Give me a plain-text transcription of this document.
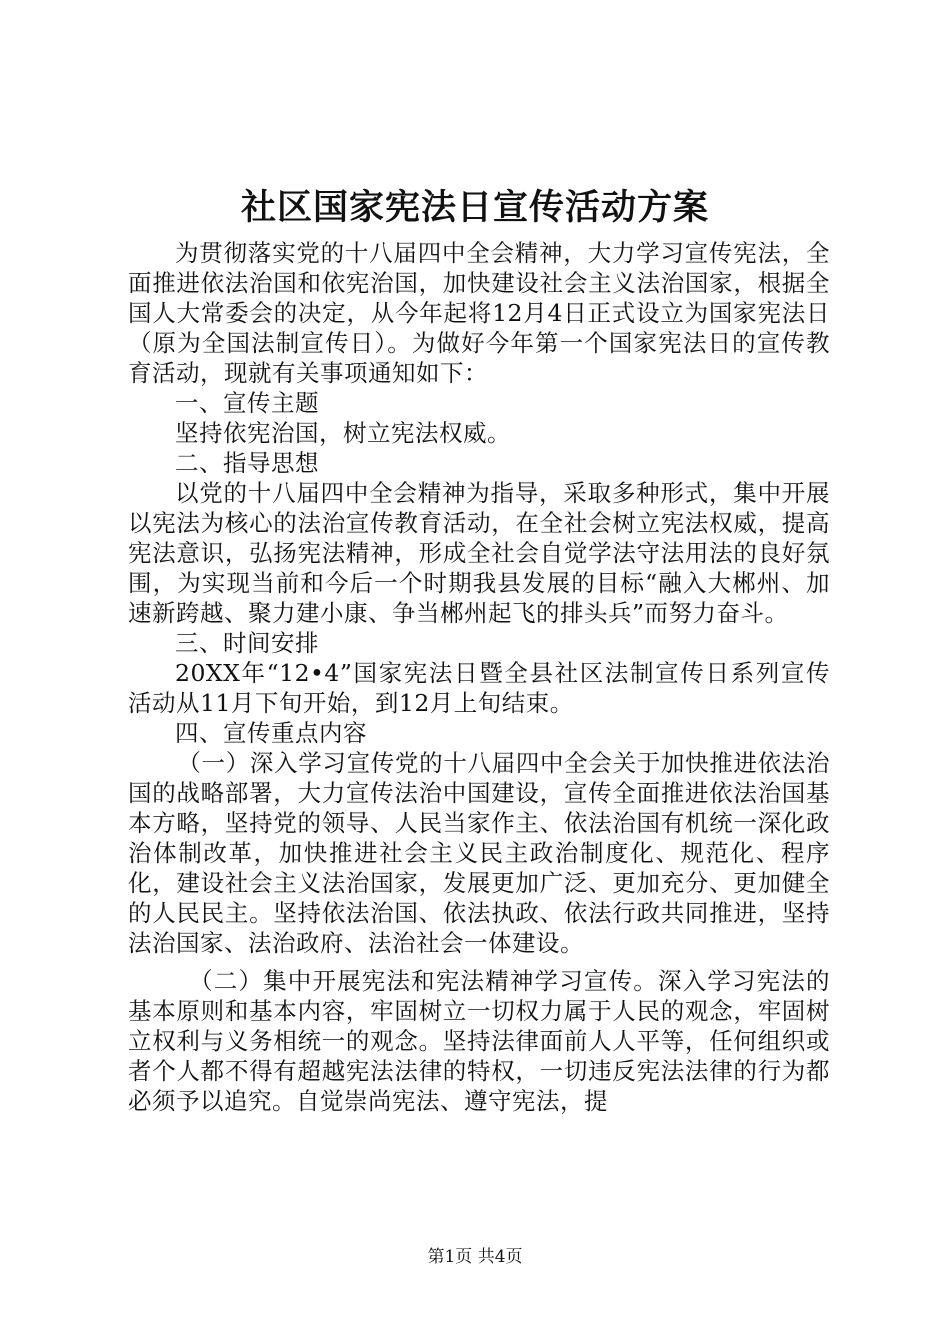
社区国家宪法日宣传活动方案

为贯彻落实党的十八届四中全会精神，大力学习宣传宪法，全面推进依法治国和依宪治国，加快建设社会主义法治国家，根据全国人大常委会的决定，从今年起将12月4日正式设立为国家宪法日（原为全国法制宣传日）。为做好今年第一个国家宪法日的宣传教育活动，现就有关事项通知如下：

一、宣传主题

坚持依宪治国，树立宪法权威。

二、指导思想

以党的十八届四中全会精神为指导，采取多种形式，集中开展以宪法为核心的法治宣传教育活动，在全社会树立宪法权威，提高宪法意识，弘扬宪法精神，形成全社会自觉学法守法用法的良好氛围，为实现当前和今后一个时期我县发展的目标“融入大郴州、加速新跨越、聚力建小康、争当郴州起飞的排头兵”而努力奋斗。

三、时间安排

20XX年“12•4”国家宪法日暨全县社区法制宣传日系列宣传活动从11月下旬开始，到12月上旬结束。

四、宣传重点内容

（一）深入学习宣传党的十八届四中全会关于加快推进依法治国的战略部署，大力宣传法治中国建设，宣传全面推进依法治国基本方略，坚持党的领导、人民当家作主、依法治国有机统一深化政治体制改革，加快推进社会主义民主政治制度化、规范化、程序化，建设社会主义法治国家，发展更加广泛、更加充分、更加健全的人民民主。坚持依法治国、依法执政、依法行政共同推进，坚持法治国家、法治政府、法治社会一体建设。

（二）集中开展宪法和宪法精神学习宣传。深入学习宪法的基本原则和基本内容，牢固树立一切权力属于人民的观念，牢固树立权利与义务相统一的观念。坚持法律面前人人平等，任何组织或者个人都不得有超越宪法法律的特权，一切违反宪法法律的行为都必须予以追究。自觉崇尚宪法、遵守宪法，提

第1页 共4页
